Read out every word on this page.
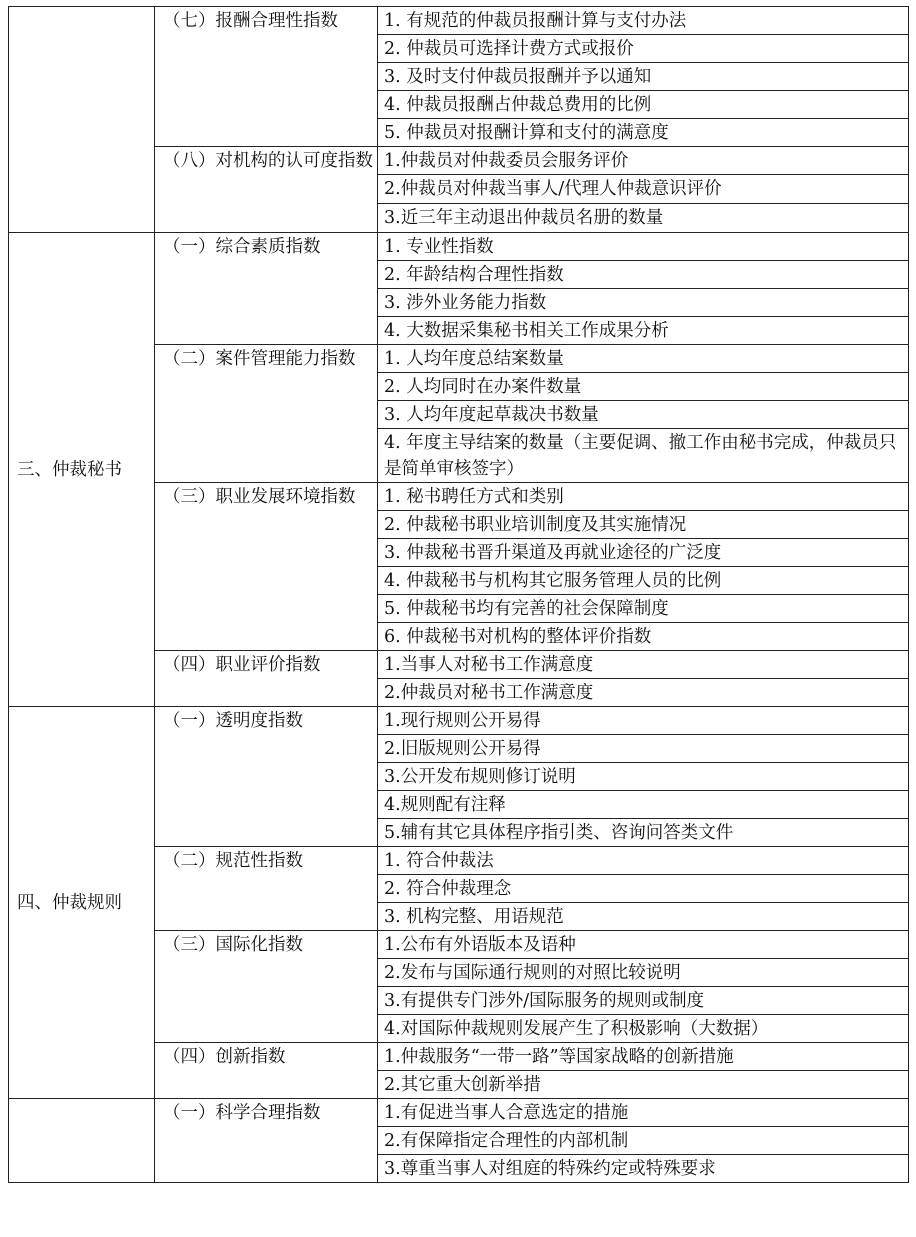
	（七）报酬合理性指数	1. 有规范的仲裁员报酬计算与支付办法
		2. 仲裁员可选择计费方式或报价
		3. 及时支付仲裁员报酬并予以通知
		4. 仲裁员报酬占仲裁总费用的比例
		5. 仲裁员对报酬计算和支付的满意度
	（八）对机构的认可度指数	1.仲裁员对仲裁委员会服务评价
		2.仲裁员对仲裁当事人/代理人仲裁意识评价
		3.近三年主动退出仲裁员名册的数量
三、仲裁秘书	（一）综合素质指数	1. 专业性指数
		2. 年龄结构合理性指数
		3. 涉外业务能力指数
		4. 大数据采集秘书相关工作成果分析
	（二）案件管理能力指数	1. 人均年度总结案数量
		2. 人均同时在办案件数量
		3. 人均年度起草裁决书数量
		4. 年度主导结案的数量（主要促调、撤工作由秘书完成，仲裁员只是简单审核签字）
	（三）职业发展环境指数	1. 秘书聘任方式和类别
		2. 仲裁秘书职业培训制度及其实施情况
		3. 仲裁秘书晋升渠道及再就业途径的广泛度
		4. 仲裁秘书与机构其它服务管理人员的比例
		5. 仲裁秘书均有完善的社会保障制度
		6. 仲裁秘书对机构的整体评价指数
	（四）职业评价指数	1.当事人对秘书工作满意度
		2.仲裁员对秘书工作满意度
四、仲裁规则	（一）透明度指数	1.现行规则公开易得
		2.旧版规则公开易得
		3.公开发布规则修订说明
		4.规则配有注释
		5.辅有其它具体程序指引类、咨询问答类文件
	（二）规范性指数	1. 符合仲裁法
		2. 符合仲裁理念
		3. 机构完整、用语规范
	（三）国际化指数	1.公布有外语版本及语种
		2.发布与国际通行规则的对照比较说明
		3.有提供专门涉外/国际服务的规则或制度
		4.对国际仲裁规则发展产生了积极影响（大数据）
	（四）创新指数	1.仲裁服务“一带一路”等国家战略的创新措施
		2.其它重大创新举措
	（一）科学合理指数	1.有促进当事人合意选定的措施
		2.有保障指定合理性的内部机制
		3.尊重当事人对组庭的特殊约定或特殊要求
